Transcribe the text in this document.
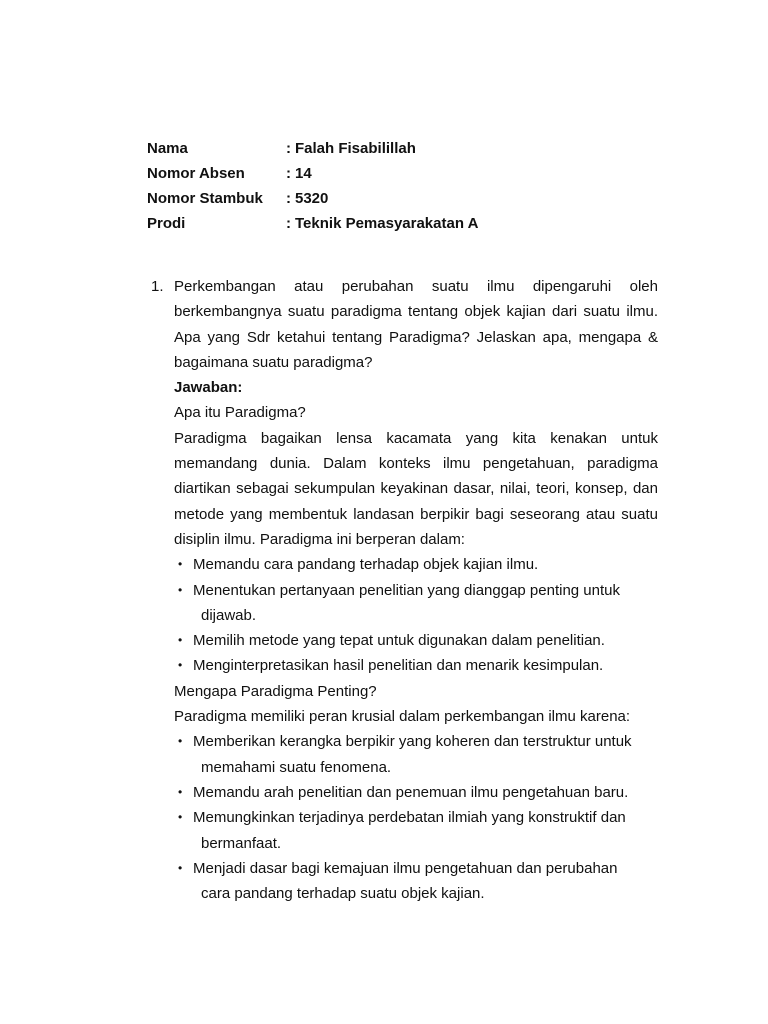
Nama	: Falah Fisabilillah
Nomor Absen	: 14
Nomor Stambuk	: 5320
Prodi	: Teknik Pemasyarakatan A
1. Perkembangan atau perubahan suatu ilmu dipengaruhi oleh berkembangnya suatu paradigma tentang objek kajian dari suatu ilmu. Apa yang Sdr ketahui tentang Paradigma? Jelaskan apa, mengapa & bagaimana suatu paradigma?

Jawaban:

Apa itu Paradigma?

Paradigma bagaikan lensa kacamata yang kita kenakan untuk memandang dunia. Dalam konteks ilmu pengetahuan, paradigma diartikan sebagai sekumpulan keyakinan dasar, nilai, teori, konsep, dan metode yang membentuk landasan berpikir bagi seseorang atau suatu disiplin ilmu. Paradigma ini berperan dalam:

• Memandu cara pandang terhadap objek kajian ilmu.
• Menentukan pertanyaan penelitian yang dianggap penting untuk
dijawab.
• Memilih metode yang tepat untuk digunakan dalam penelitian.
• Menginterpretasikan hasil penelitian dan menarik kesimpulan.

Mengapa Paradigma Penting?

Paradigma memiliki peran krusial dalam perkembangan ilmu karena:

• Memberikan kerangka berpikir yang koheren dan terstruktur untuk
memahami suatu fenomena.
• Memandu arah penelitian dan penemuan ilmu pengetahuan baru.
• Memungkinkan terjadinya perdebatan ilmiah yang konstruktif dan
bermanfaat.
• Menjadi dasar bagi kemajuan ilmu pengetahuan dan perubahan
cara pandang terhadap suatu objek kajian.
